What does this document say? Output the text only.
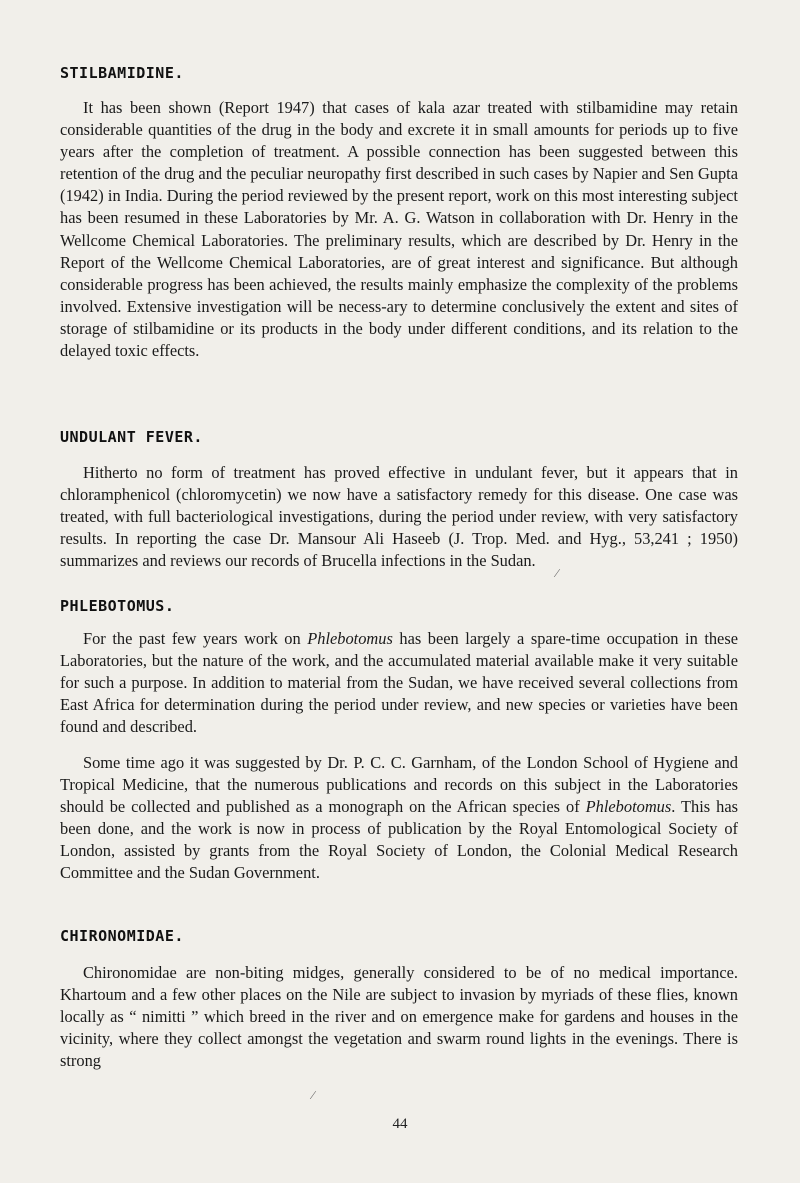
STILBAMIDINE.

It has been shown (Report 1947) that cases of kala azar treated with stilbamidine may retain considerable quantities of the drug in the body and excrete it in small amounts for periods up to five years after the completion of treatment. A possible connection has been suggested between this retention of the drug and the peculiar neuropathy first described in such cases by Napier and Sen Gupta (1942) in India. During the period reviewed by the present report, work on this most interesting subject has been resumed in these Laboratories by Mr. A. G. Watson in collaboration with Dr. Henry in the Wellcome Chemical Laboratories. The preliminary results, which are described by Dr. Henry in the Report of the Wellcome Chemical Laboratories, are of great interest and significance. But although considerable progress has been achieved, the results mainly emphasize the complexity of the problems involved. Extensive investigation will be necess-ary to determine conclusively the extent and sites of storage of stilbamidine or its products in the body under different conditions, and its relation to the delayed toxic effects.

UNDULANT FEVER.

Hitherto no form of treatment has proved effective in undulant fever, but it appears that in chloramphenicol (chloromycetin) we now have a satisfactory remedy for this disease. One case was treated, with full bacteriological investigations, during the period under review, with very satisfactory results. In reporting the case Dr. Mansour Ali Haseeb (J. Trop. Med. and Hyg., 53,241 ; 1950) summarizes and reviews our records of Brucella infections in the Sudan.

PHLEBOTOMUS.

For the past few years work on Phlebotomus has been largely a spare-time occupation in these Laboratories, but the nature of the work, and the accumulated material available make it very suitable for such a purpose. In addition to material from the Sudan, we have received several collections from East Africa for determination during the period under review, and new species or varieties have been found and described.

Some time ago it was suggested by Dr. P. C. C. Garnham, of the London School of Hygiene and Tropical Medicine, that the numerous publications and records on this subject in the Laboratories should be collected and published as a monograph on the African species of Phlebotomus. This has been done, and the work is now in process of publication by the Royal Entomological Society of London, assisted by grants from the Royal Society of London, the Colonial Medical Research Committee and the Sudan Government.

CHIRONOMIDAE.

Chironomidae are non-biting midges, generally considered to be of no medical importance. Khartoum and a few other places on the Nile are subject to invasion by myriads of these flies, known locally as “ nimitti ” which breed in the river and on emergence make for gardens and houses in the vicinity, where they collect amongst the vegetation and swarm round lights in the evenings. There is strong

44
∕
∕
